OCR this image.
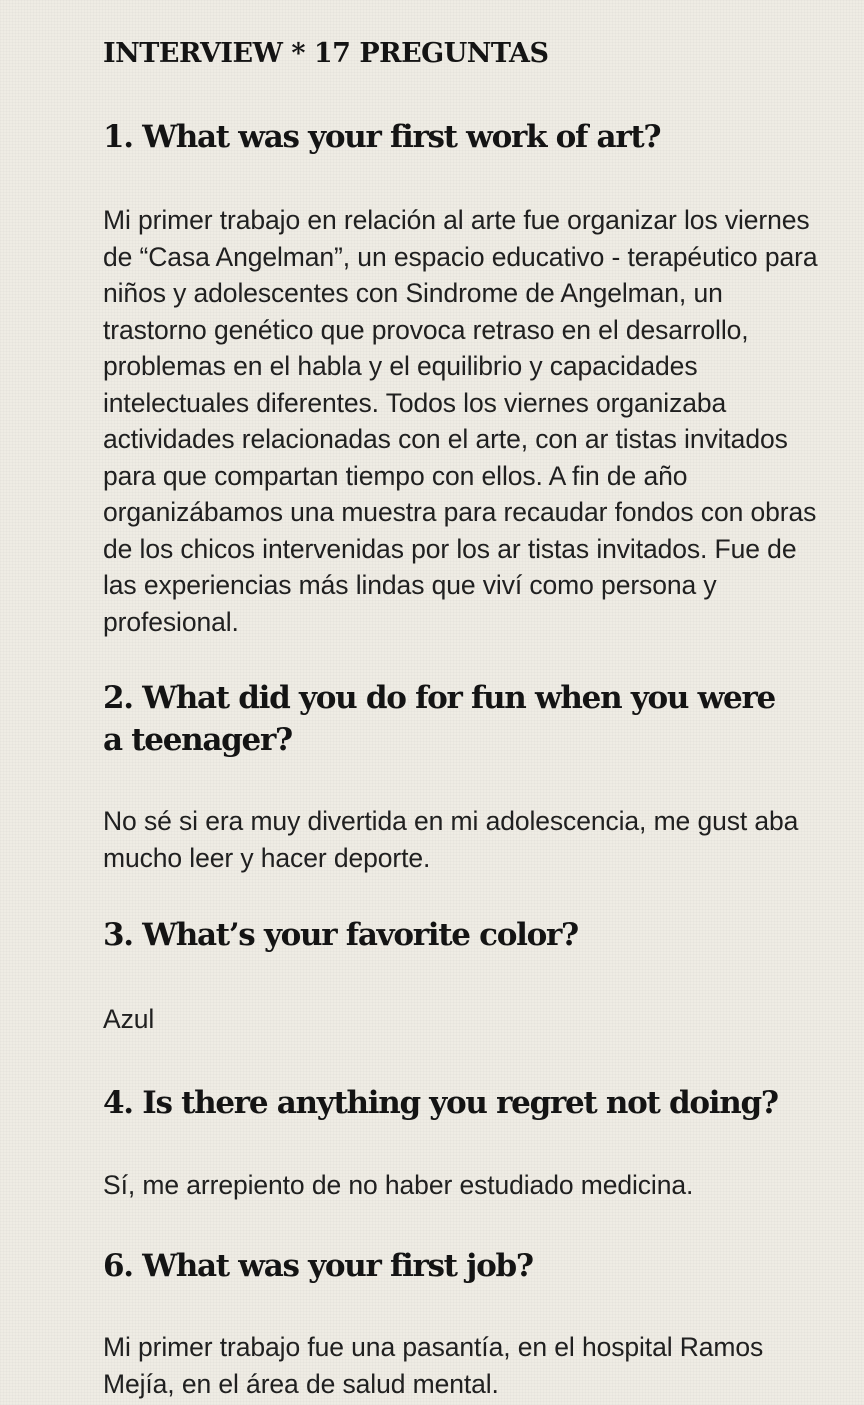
INTERVIEW * 17 PREGUNTAS
1. What was your first work of art?

Mi primer trabajo en relación al arte fue organizar los viernes de “Casa Angelman”, un espacio educativo - terapéutico para niños y adolescentes con Sindrome de Angelman, un trastorno genético que provoca retraso en el desarrollo, problemas en el habla y el equilibrio y capacidades intelectuales diferentes. Todos los viernes organizaba actividades relacionadas con el arte, con ar tistas invitados para que compartan tiempo con ellos. A fin de año organizábamos una muestra para recaudar fondos con obras de los chicos intervenidas por los ar tistas invitados. Fue de las experiencias más lindas que viví como persona y profesional.

2. What did you do for fun when you were a teenager?

No sé si era muy divertida en mi adolescencia, me gust aba mucho leer y hacer deporte.

3. What’s your favorite color?

Azul

4. Is there anything you regret not doing?

Sí, me arrepiento de no haber estudiado medicina.

6. What was your first job?

Mi primer trabajo fue una pasantía, en el hospital Ramos Mejía, en el área de salud mental.
